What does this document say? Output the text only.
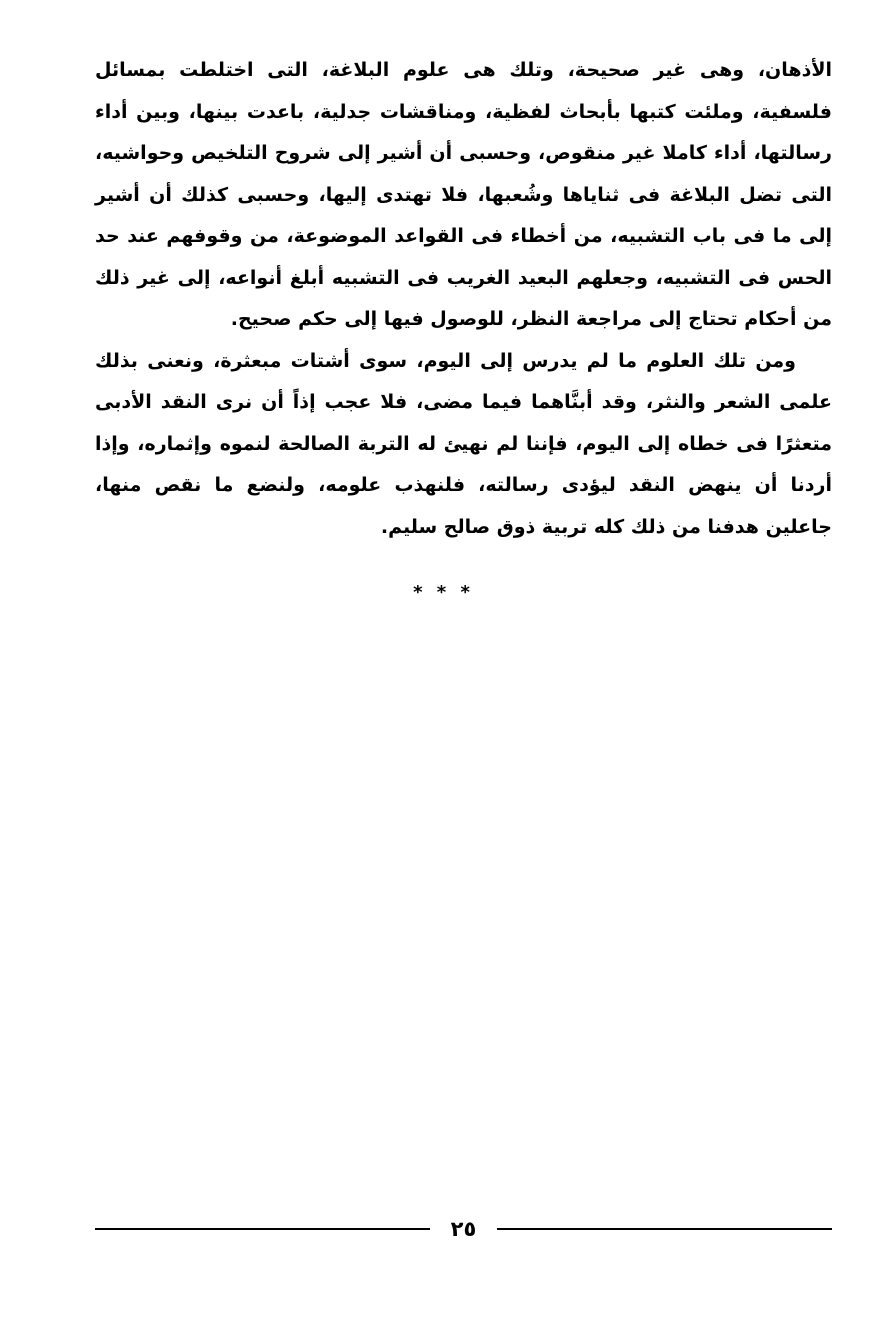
الأذهان، وهى غير صحيحة، وتلك هى علوم البلاغة، التى اختلطت بمسائل فلسفية، وملئت كتبها بأبحاث لفظية، ومناقشات جدلية، باعدت بينها، وبين أداء رسالتها، أداء كاملا غير منقوص، وحسبى أن أشير إلى شروح التلخيص وحواشيه، التى تضل البلاغة فى ثناياها وشُعبها، فلا تهتدى إليها، وحسبى كذلك أن أشير إلى ما فى باب التشبيه، من أخطاء فى القواعد الموضوعة، من وقوفهم عند حد الحس فى التشبيه، وجعلهم البعيد الغريب فى التشبيه أبلغ أنواعه، إلى غير ذلك من أحكام تحتاج إلى مراجعة النظر، للوصول فيها إلى حكم صحيح.

ومن تلك العلوم ما لم يدرس إلى اليوم، سوى أشتات مبعثرة، ونعنى بذلك علمى الشعر والنثر، وقد أبنَّاهما فيما مضى، فلا عجب إذاً أن نرى النقد الأدبى متعثرًا فى خطاه إلى اليوم، فإننا لم نهيئ له التربة الصالحة لنموه وإثماره، وإذا أردنا أن ينهض النقد ليؤدى رسالته، فلنهذب علومه، ولنضع ما نقص منها، جاعلين هدفنا من ذلك كله تربية ذوق صالح سليم.

* * *
٢٥
